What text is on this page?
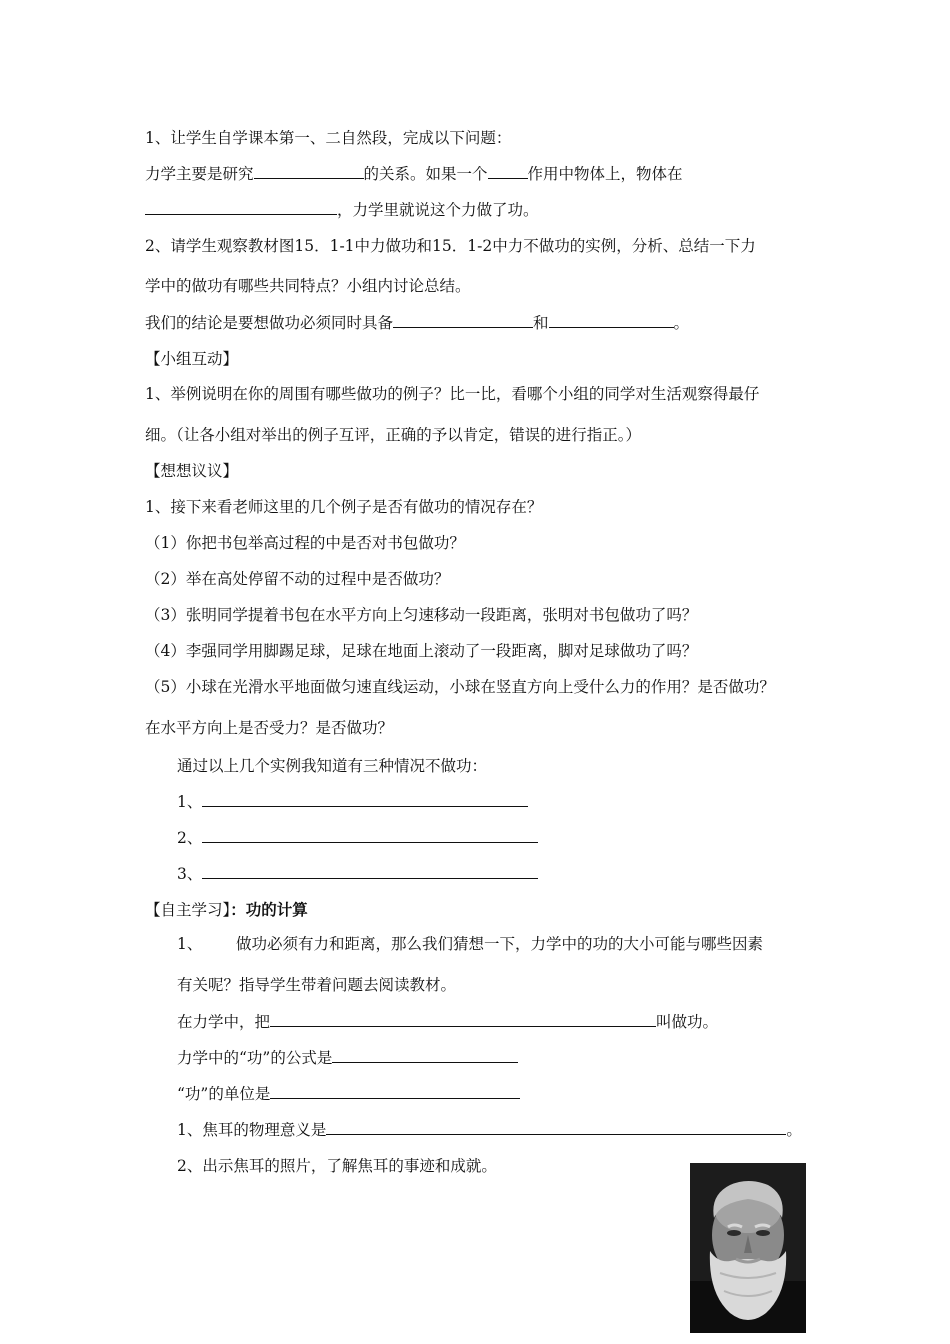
1、让学生自学课本第一、二自然段，完成以下问题：
力学主要是研究	的关系。如果一个	作用中物体上，物体在
，力学里就说这个力做了功。
2、请学生观察教材图15．1-1中力做功和15．1-2中力不做功的实例，分析、总结一下力
学中的做功有哪些共同特点？小组内讨论总结。
我们的结论是要想做功必须同时具备	和	。
【小组互动】
1、举例说明在你的周围有哪些做功的例子？比一比，看哪个小组的同学对生活观察得最仔
细。（让各小组对举出的例子互评，正确的予以肯定，错误的进行指正。）
【想想议议】
1、接下来看老师这里的几个例子是否有做功的情况存在？
（1）你把书包举高过程的中是否对书包做功？
（2）举在高处停留不动的过程中是否做功？
（3）张明同学提着书包在水平方向上匀速移动一段距离，张明对书包做功了吗？
（4）李强同学用脚踢足球，足球在地面上滚动了一段距离，脚对足球做功了吗？
（5）小球在光滑水平地面做匀速直线运动，小球在竖直方向上受什么力的作用？是否做功？
在水平方向上是否受力？是否做功？
通过以上几个实例我知道有三种情况不做功：
1、
2、
3、
【自主学习】：功的计算
1、 做功必须有力和距离，那么我们猜想一下，力学中的功的大小可能与哪些因素
有关呢？指导学生带着问题去阅读教材。
在力学中，把	叫做功。
力学中的“功”的公式是
“功”的单位是
1、焦耳的物理意义是	。
2、出示焦耳的照片，了解焦耳的事迹和成就。
